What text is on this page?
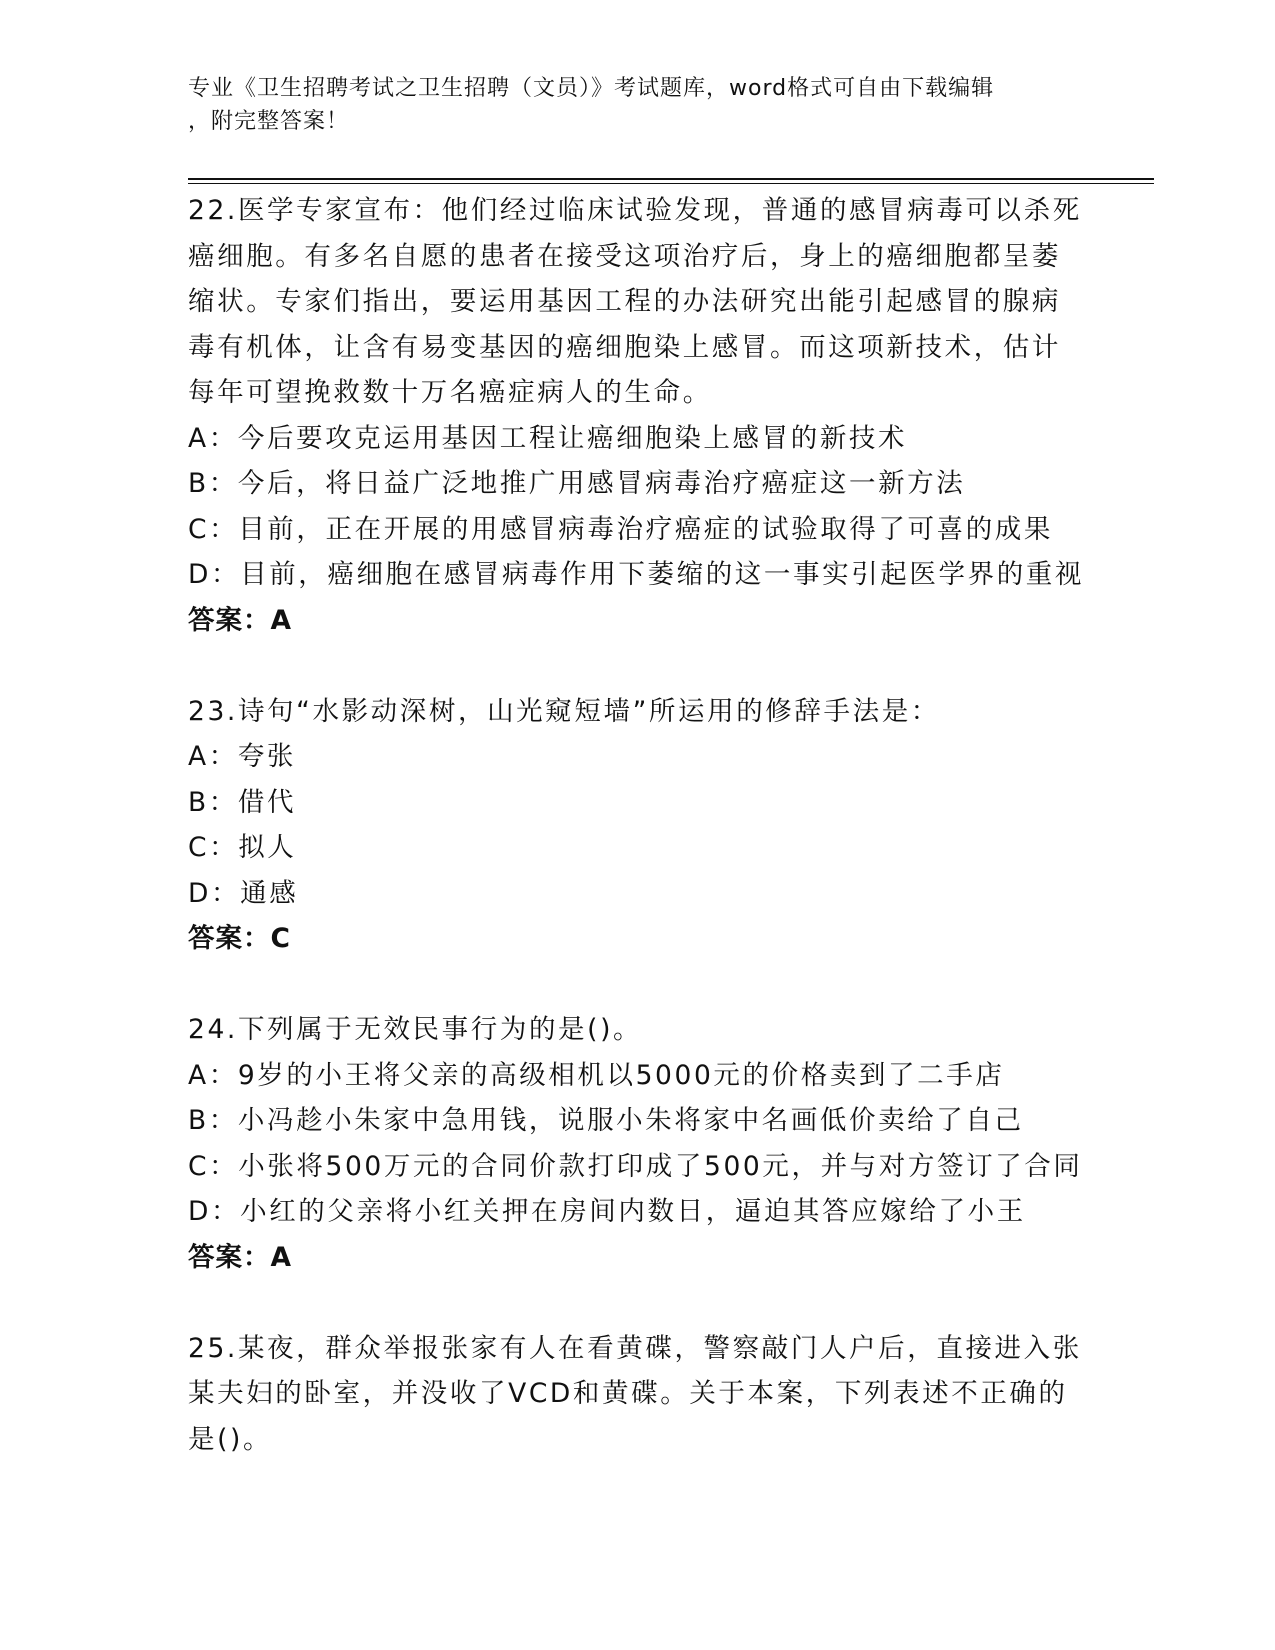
专业《卫生招聘考试之卫生招聘（文员）》考试题库，word格式可自由下载编辑
，附完整答案！
22.医学专家宣布：他们经过临床试验发现，普通的感冒病毒可以杀死癌细胞。有多名自愿的患者在接受这项治疗后，身上的癌细胞都呈萎缩状。专家们指出，要运用基因工程的办法研究出能引起感冒的腺病毒有机体，让含有易变基因的癌细胞染上感冒。而这项新技术，估计每年可望挽救数十万名癌症病人的生命。
A：今后要攻克运用基因工程让癌细胞染上感冒的新技术
B：今后，将日益广泛地推广用感冒病毒治疗癌症这一新方法
C：目前，正在开展的用感冒病毒治疗癌症的试验取得了可喜的成果
D：目前，癌细胞在感冒病毒作用下萎缩的这一事实引起医学界的重视
答案：A
23.诗句“水影动深树，山光窥短墙”所运用的修辞手法是：
A：夸张
B：借代
C：拟人
D：通感
答案：C
24.下列属于无效民事行为的是()。
A：9岁的小王将父亲的高级相机以5000元的价格卖到了二手店
B：小冯趁小朱家中急用钱，说服小朱将家中名画低价卖给了自己
C：小张将500万元的合同价款打印成了500元，并与对方签订了合同
D：小红的父亲将小红关押在房间内数日，逼迫其答应嫁给了小王
答案：A
25.某夜，群众举报张家有人在看黄碟，警察敲门人户后，直接进入张某夫妇的卧室，并没收了VCD和黄碟。关于本案，下列表述不正确的是()。
